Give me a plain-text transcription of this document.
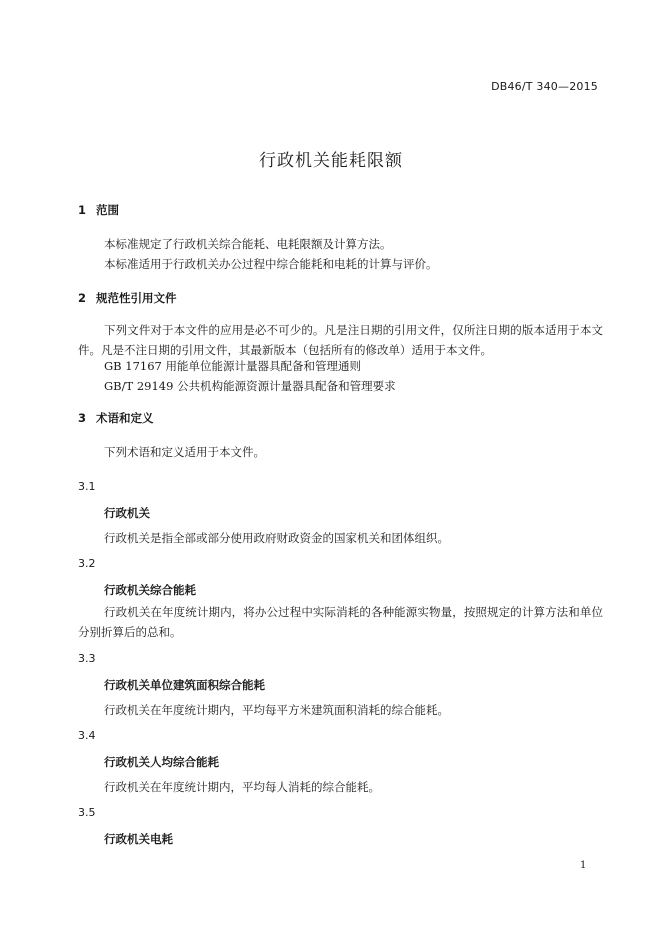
DB46/T 340—2015
行政机关能耗限额
1 范围
本标准规定了行政机关综合能耗、电耗限额及计算方法。
本标准适用于行政机关办公过程中综合能耗和电耗的计算与评价。
2 规范性引用文件
下列文件对于本文件的应用是必不可少的。凡是注日期的引用文件，仅所注日期的版本适用于本文件。凡是不注日期的引用文件，其最新版本（包括所有的修改单）适用于本文件。
GB 17167 用能单位能源计量器具配备和管理通则
GB/T 29149 公共机构能源资源计量器具配备和管理要求
3 术语和定义
下列术语和定义适用于本文件。
3.1
行政机关
行政机关是指全部或部分使用政府财政资金的国家机关和团体组织。
3.2
行政机关综合能耗
行政机关在年度统计期内，将办公过程中实际消耗的各种能源实物量，按照规定的计算方法和单位分别折算后的总和。
3.3
行政机关单位建筑面积综合能耗
行政机关在年度统计期内，平均每平方米建筑面积消耗的综合能耗。
3.4
行政机关人均综合能耗
行政机关在年度统计期内，平均每人消耗的综合能耗。
3.5
行政机关电耗
1
